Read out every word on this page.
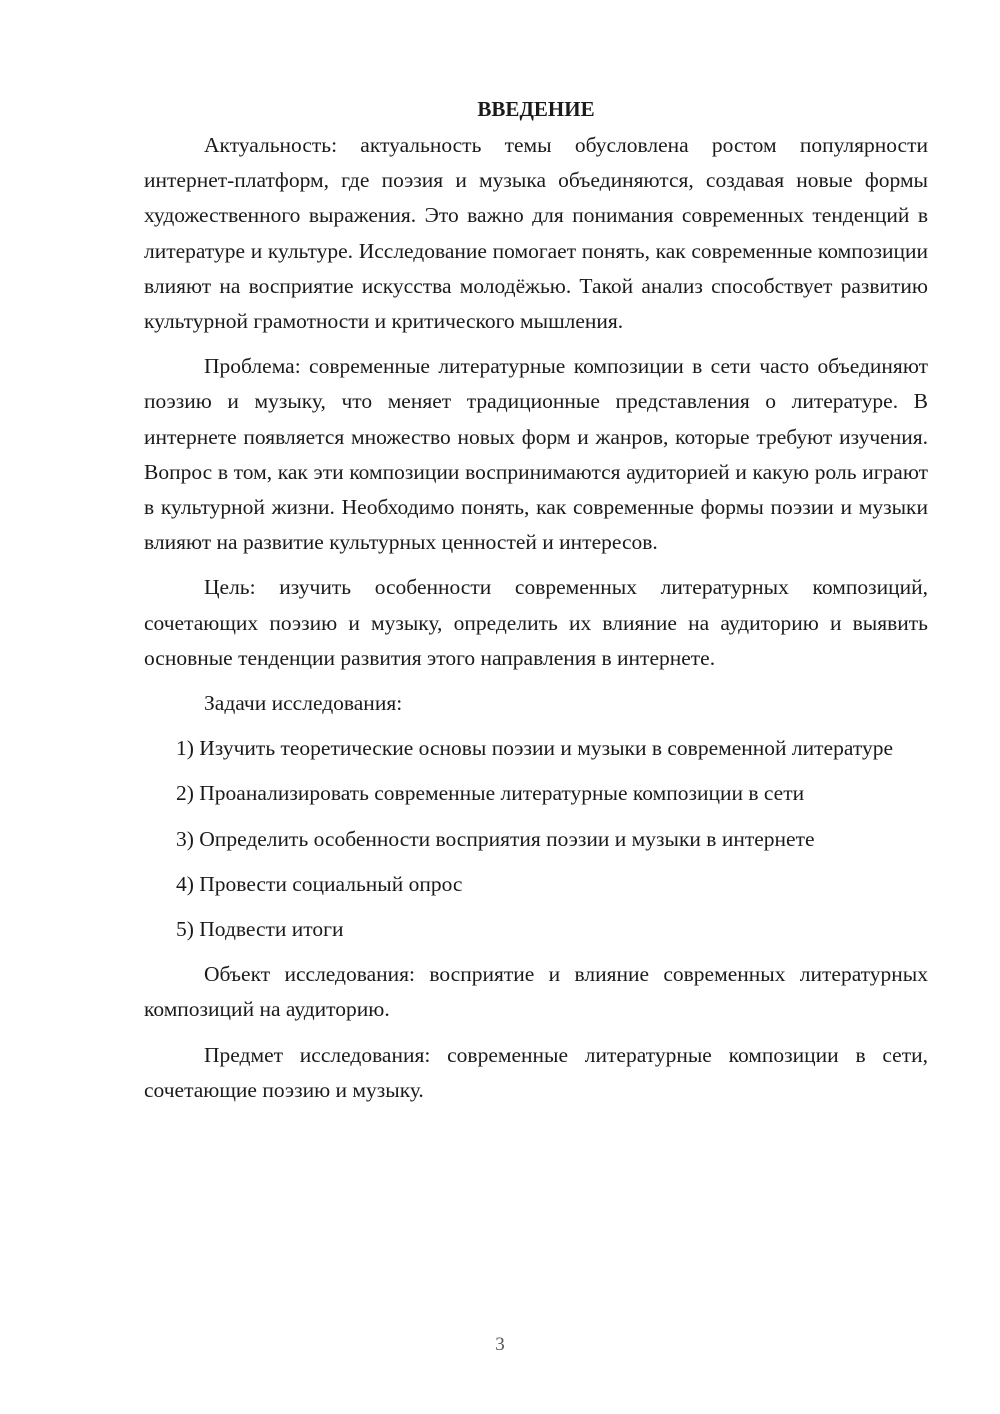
ВВЕДЕНИЕ

Актуальность: актуальность темы обусловлена ростом популярности интернет-платформ, где поэзия и музыка объединяются, создавая новые формы художественного выражения. Это важно для понимания современных тенденций в литературе и культуре. Исследование помогает понять, как современные композиции влияют на восприятие искусства молодёжью. Такой анализ способствует развитию культурной грамотности и критического мышления.

Проблема: современные литературные композиции в сети часто объединяют поэзию и музыку, что меняет традиционные представления о литературе. В интернете появляется множество новых форм и жанров, которые требуют изучения. Вопрос в том, как эти композиции воспринимаются аудиторией и какую роль играют в культурной жизни. Необходимо понять, как современные формы поэзии и музыки влияют на развитие культурных ценностей и интересов.

Цель: изучить особенности современных литературных композиций, сочетающих поэзию и музыку, определить их влияние на аудиторию и выявить основные тенденции развития этого направления в интернете.

Задачи исследования:

1) Изучить теоретические основы поэзии и музыки в современной литературе

2) Проанализировать современные литературные композиции в сети

3) Определить особенности восприятия поэзии и музыки в интернете

4) Провести социальный опрос

5) Подвести итоги

Объект исследования: восприятие и влияние современных литературных композиций на аудиторию.

Предмет исследования: современные литературные композиции в сети, сочетающие поэзию и музыку.

3
